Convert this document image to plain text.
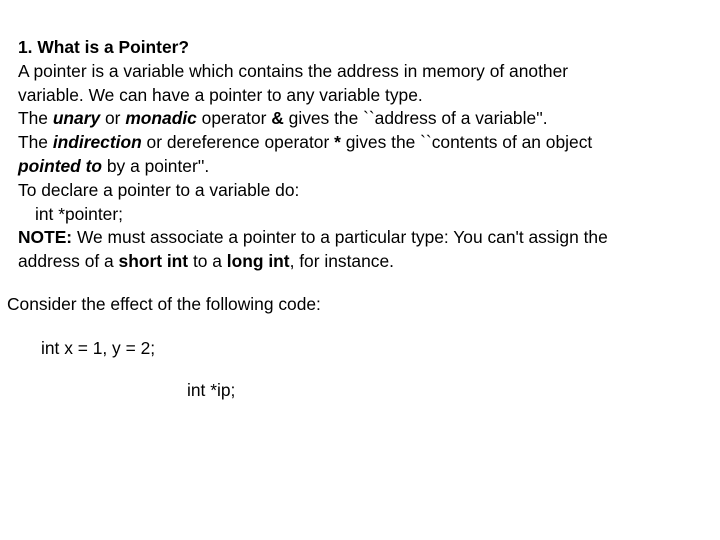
1. What is a Pointer?
A pointer is a variable which contains the address in memory of another
variable. We can have a pointer to any variable type.
The unary or monadic operator & gives the ``address of a variable''.
The indirection or dereference operator * gives the ``contents of an object
pointed to by a pointer''.
To declare a pointer to a variable do:
int *pointer;
NOTE: We must associate a pointer to a particular type: You can't assign the
address of a short int to a long int, for instance.
Consider the effect of the following code:
int x = 1, y = 2;
int *ip;
